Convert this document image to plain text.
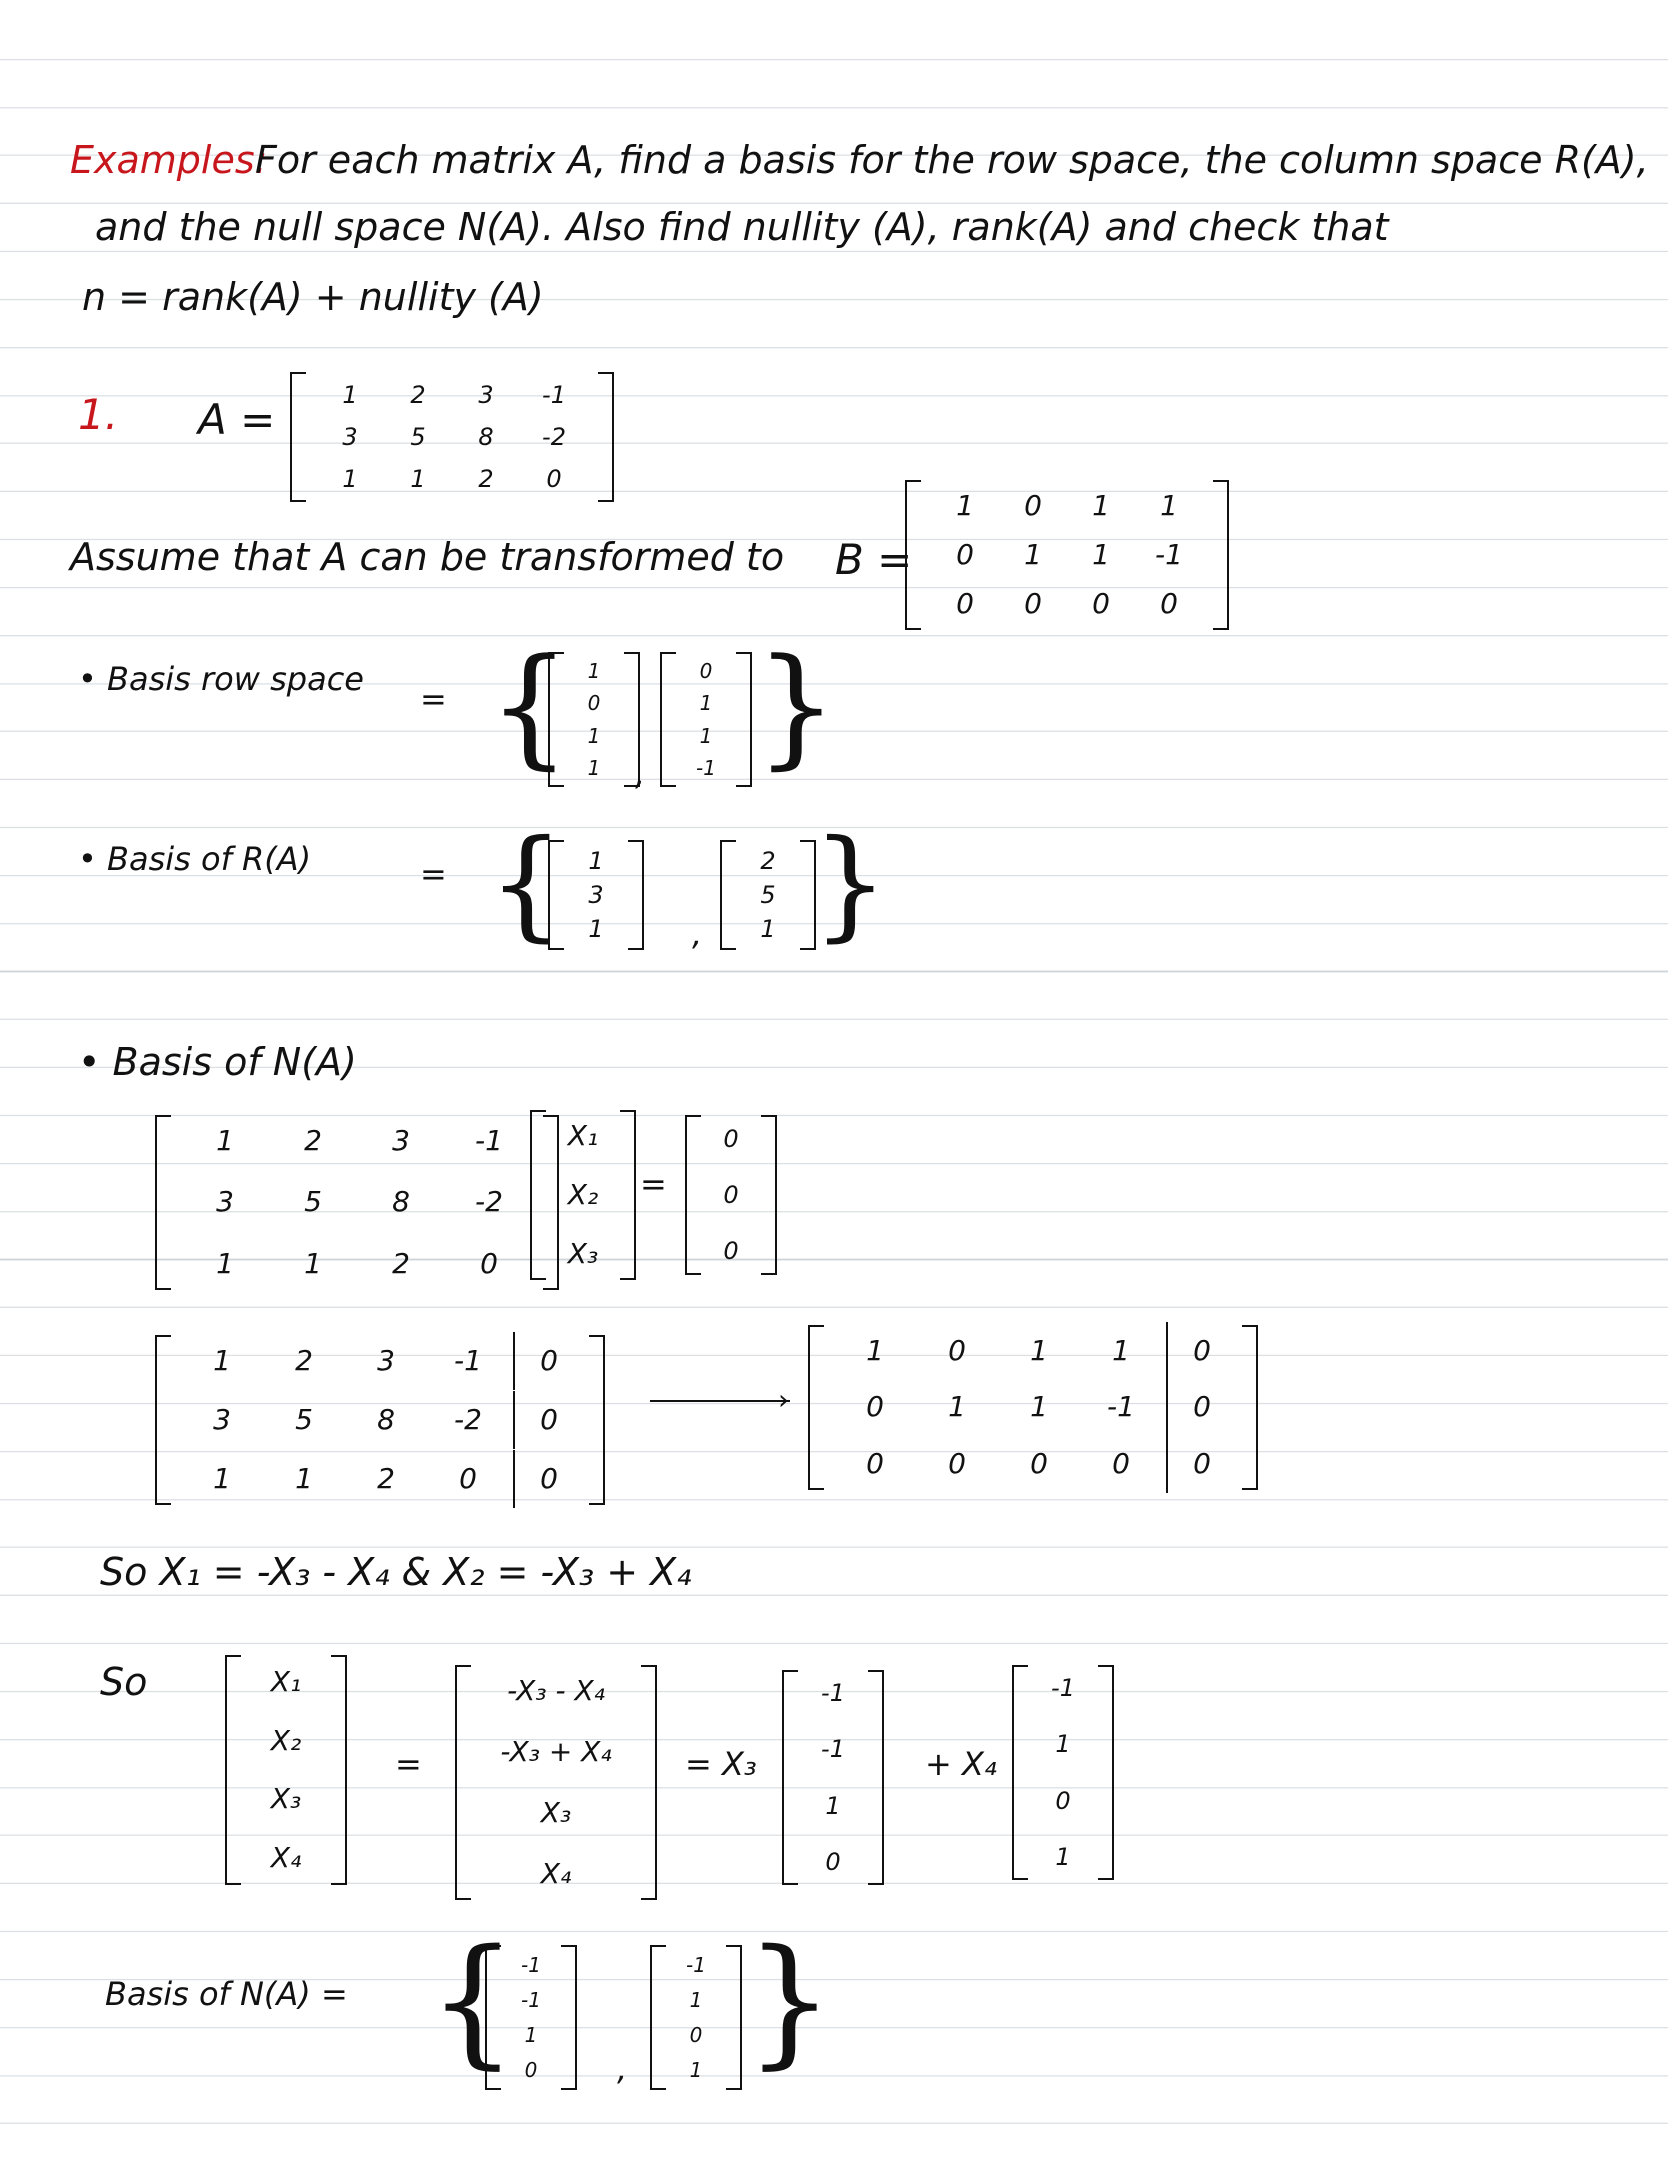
Examples:
For each matrix A, find a basis for the row space, the column space R(A),
and the null space N(A). Also find nullity (A), rank(A) and check that
n = rank(A) + nullity (A)
1. A =	1 2 3 -1
3 5 8 -2
1 1 2 0
Assume that A can be transformed to B =
1 0 1 1
0 1 1 -1
0 0 0 0
• Basis row space
= { 1
0
1
1 ,
0
1
1
-1 }
• Basis of R(A)	= { 1
3
1	,
2
5
1 }
• Basis of N(A)
1	2	3 -1
3	5	8 -2
1	1	2	0
X₁
X₂
X₃
=
0
0
0
1 2 3 -1 0
3 5 8 -2 0
1 1 2 0 0
›
1 0 1 1 0
0 1 1 -1 0
0 0 0 0 0
So X₁ = -X₃ - X₄ & X₂ = -X₃ + X₄
So	X₁
X₂
X₃
X₄
=
-X₃ - X₄
-X₃ + X₄
X₃
X₄
= X₃
-1
-1
1
0
+ X₄
-1
1
0
1
Basis of N(A) = { -1
-1
1
0 ,
-1
1
0
1 }
